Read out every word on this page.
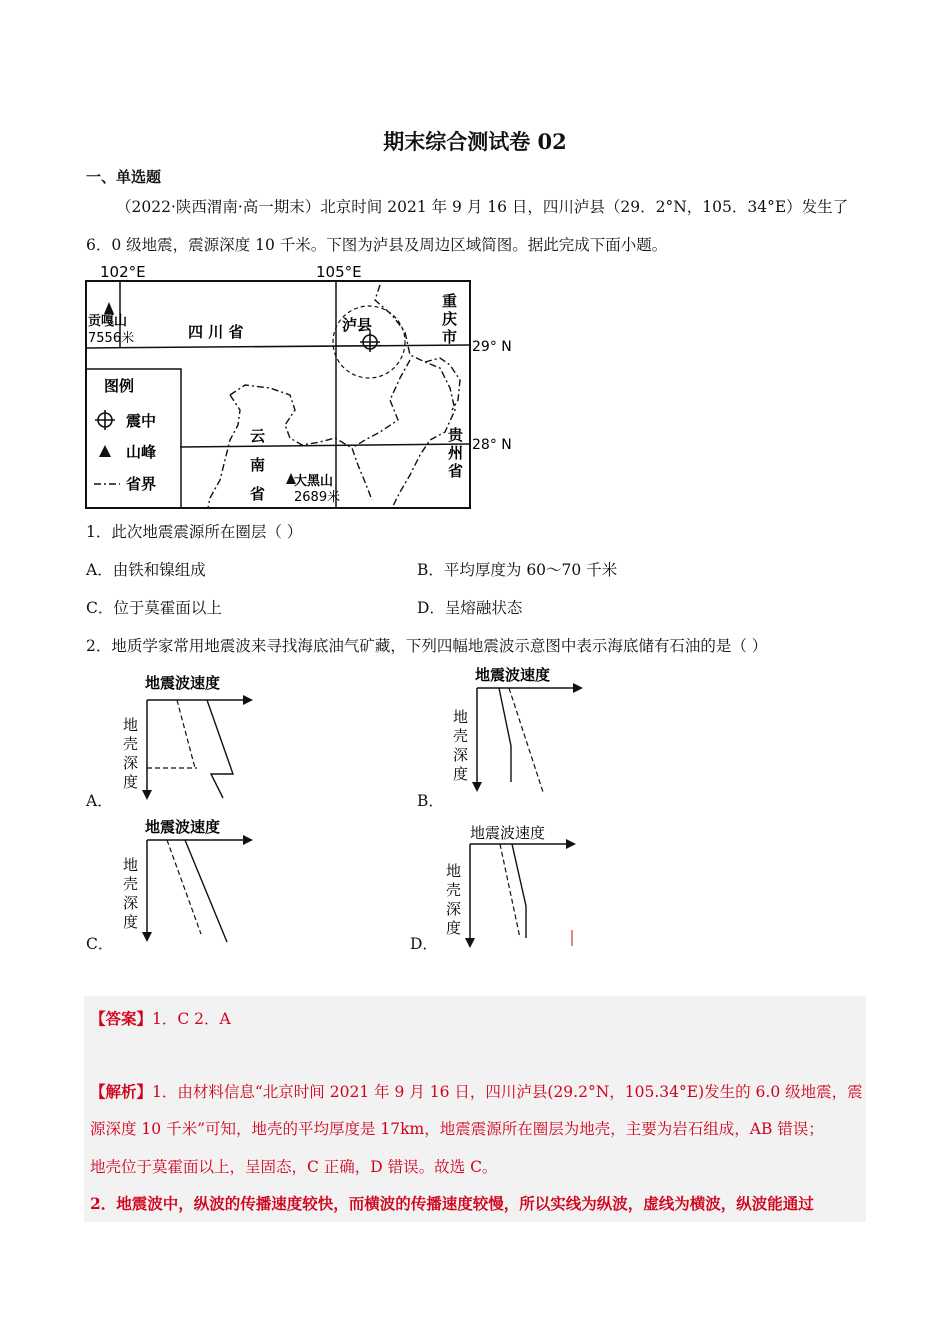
期末综合测试卷 02
一、单选题
（2022·陕西渭南·高一期末）北京时间 2021 年 9 月 16 日，四川泸县（29．2°N，105．34°E）发生了
6．0 级地震，震源深度 10 千米。下图为泸县及周边区域简图。据此完成下面小题。
102°E	105°E
29° N
28° N
贡嘎山
7556米	四 川 省	泸县
重
庆
市
云
南
省
贵
州
省
大黑山
2689米
图例
震中
山峰
省界
1．此次地震震源所在圈层（ ）
A．由铁和镍组成	B．平均厚度为 60～70 千米
C．位于莫霍面以上	D．呈熔融状态
2．地质学家常用地震波来寻找海底油气矿藏，下列四幅地震波示意图中表示海底储有石油的是（ ）
地震波速度
地
壳
深
度
A．
地震波速度
地
壳
深
度
B．
地震波速度
地
壳
深
度
C．
地震波速度
地
壳
深
度
D．
【答案】1．C 2．A
【解析】1．由材料信息“北京时间 2021 年 9 月 16 日，四川泸县(29.2°N，105.34°E)发生的 6.0 级地震，震
源深度 10 千米”可知，地壳的平均厚度是 17km，地震震源所在圈层为地壳，主要为岩石组成，AB 错误；
地壳位于莫霍面以上，呈固态，C 正确，D 错误。故选 C。
2．地震波中，纵波的传播速度较快，而横波的传播速度较慢，所以实线为纵波，虚线为横波，纵波能通过
